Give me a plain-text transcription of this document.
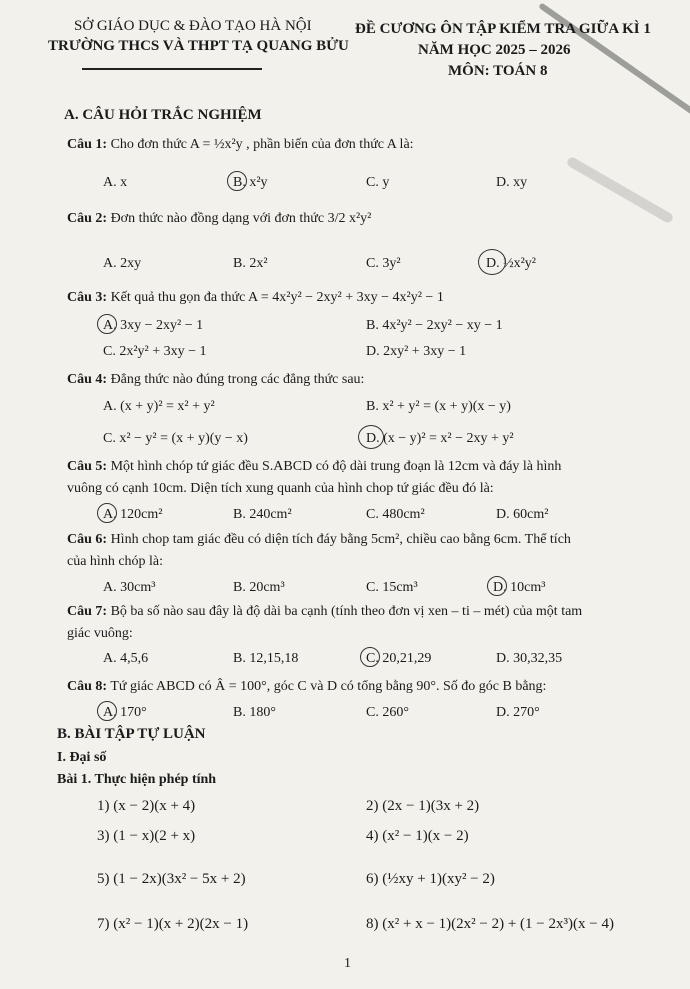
SỞ GIÁO DỤC & ĐÀO TẠO HÀ NỘI
TRƯỜNG THCS VÀ THPT TẠ QUANG BỬU
ĐỀ CƯƠNG ÔN TẬP KIỂM TRA GIỮA KÌ 1
NĂM HỌC 2025 – 2026
MÔN: TOÁN 8
A. CÂU HỎI TRẮC NGHIỆM
Câu 1: Cho đơn thức A = ½x²y , phần biến của đơn thức A là:
A. x	B. x²y	C. y	D. xy
Câu 2: Đơn thức nào đồng dạng với đơn thức 3/2 x²y²
A. 2xy	B. 2x²	C. 3y²	D. ½x²y²
Câu 3: Kết quả thu gọn đa thức A = 4x²y² − 2xy² + 3xy − 4x²y² − 1
A. 3xy − 2xy² − 1	B. 4x²y² − 2xy² − xy − 1
C. 2x²y² + 3xy − 1	D. 2xy² + 3xy − 1
Câu 4: Đẳng thức nào đúng trong các đẳng thức sau:
A. (x + y)² = x² + y²	B. x² + y² = (x + y)(x − y)
C. x² − y² = (x + y)(y − x)	D. (x − y)² = x² − 2xy + y²
Câu 5: Một hình chóp tứ giác đều S.ABCD có độ dài trung đoạn là 12cm và đáy là hình
vuông có cạnh 10cm. Diện tích xung quanh của hình chop tứ giác đều đó là:
A. 120cm²	B. 240cm²	C. 480cm²	D. 60cm²
Câu 6: Hình chop tam giác đều có diện tích đáy bằng 5cm², chiều cao bằng 6cm. Thể tích
của hình chóp là:
A. 30cm³	B. 20cm³	C. 15cm³	D. 10cm³
Câu 7: Bộ ba số nào sau đây là độ dài ba cạnh (tính theo đơn vị xen – ti – mét) của một tam
giác vuông:
A. 4,5,6	B. 12,15,18	C. 20,21,29	D. 30,32,35
Câu 8: Tứ giác ABCD có Â = 100°, góc C và D có tổng bằng 90°. Số đo góc B bằng:
A. 170°	B. 180°	C. 260°	D. 270°
B. BÀI TẬP TỰ LUẬN
I. Đại số
Bài 1. Thực hiện phép tính
1) (x − 2)(x + 4)	2) (2x − 1)(3x + 2)
3) (1 − x)(2 + x)	4) (x² − 1)(x − 2)
5) (1 − 2x)(3x² − 5x + 2)	6) (½xy + 1)(xy² − 2)
7) (x² − 1)(x + 2)(2x − 1)	8) (x² + x − 1)(2x² − 2) + (1 − 2x³)(x − 4)
1
